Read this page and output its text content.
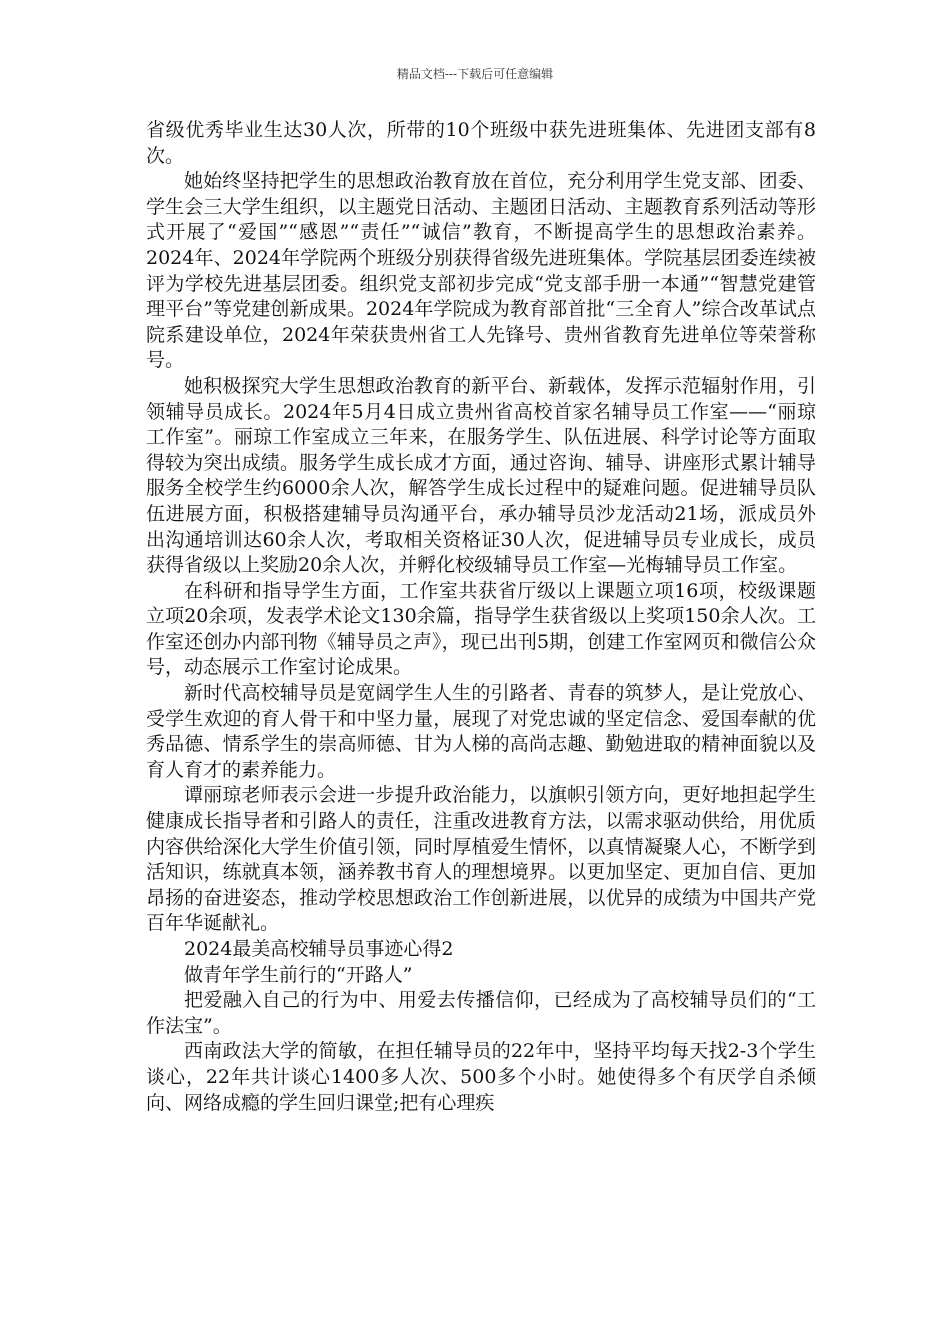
精品文档---下载后可任意编辑

省级优秀毕业生达30人次，所带的10个班级中获先进班集体、先进团支部有8次。

她始终坚持把学生的思想政治教育放在首位，充分利用学生党支部、团委、学生会三大学生组织，以主题党日活动、主题团日活动、主题教育系列活动等形式开展了“爱国”“感恩”“责任”“诚信”教育，不断提高学生的思想政治素养。2024年、2024年学院两个班级分别获得省级先进班集体。学院基层团委连续被评为学校先进基层团委。组织党支部初步完成“党支部手册一本通”“智慧党建管理平台”等党建创新成果。2024年学院成为教育部首批“三全育人”综合改革试点院系建设单位，2024年荣获贵州省工人先锋号、贵州省教育先进单位等荣誉称号。

她积极探究大学生思想政治教育的新平台、新载体，发挥示范辐射作用，引领辅导员成长。2024年5月4日成立贵州省高校首家名辅导员工作室——“丽琼工作室”。丽琼工作室成立三年来，在服务学生、队伍进展、科学讨论等方面取得较为突出成绩。服务学生成长成才方面，通过咨询、辅导、讲座形式累计辅导服务全校学生约6000余人次，解答学生成长过程中的疑难问题。促进辅导员队伍进展方面，积极搭建辅导员沟通平台，承办辅导员沙龙活动21场，派成员外出沟通培训达60余人次，考取相关资格证30人次，促进辅导员专业成长，成员获得省级以上奖励20余人次，并孵化校级辅导员工作室—光梅辅导员工作室。

在科研和指导学生方面，工作室共获省厅级以上课题立项16项，校级课题立项20余项，发表学术论文130余篇，指导学生获省级以上奖项150余人次。工作室还创办内部刊物《辅导员之声》，现已出刊5期，创建工作室网页和微信公众号，动态展示工作室讨论成果。

新时代高校辅导员是宽阔学生人生的引路者、青春的筑梦人，是让党放心、受学生欢迎的育人骨干和中坚力量，展现了对党忠诚的坚定信念、爱国奉献的优秀品德、情系学生的崇高师德、甘为人梯的高尚志趣、勤勉进取的精神面貌以及育人育才的素养能力。

谭丽琼老师表示会进一步提升政治能力，以旗帜引领方向，更好地担起学生健康成长指导者和引路人的责任，注重改进教育方法，以需求驱动供给，用优质内容供给深化大学生价值引领，同时厚植爱生情怀，以真情凝聚人心，不断学到活知识，练就真本领，涵养教书育人的理想境界。以更加坚定、更加自信、更加昂扬的奋进姿态，推动学校思想政治工作创新进展，以优异的成绩为中国共产党百年华诞献礼。

2024最美高校辅导员事迹心得2

做青年学生前行的“开路人”

把爱融入自己的行为中、用爱去传播信仰，已经成为了高校辅导员们的“工作法宝”。

西南政法大学的简敏，在担任辅导员的22年中，坚持平均每天找2-3个学生谈心，22年共计谈心1400多人次、500多个小时。她使得多个有厌学自杀倾向、网络成瘾的学生回归课堂;把有心理疾
